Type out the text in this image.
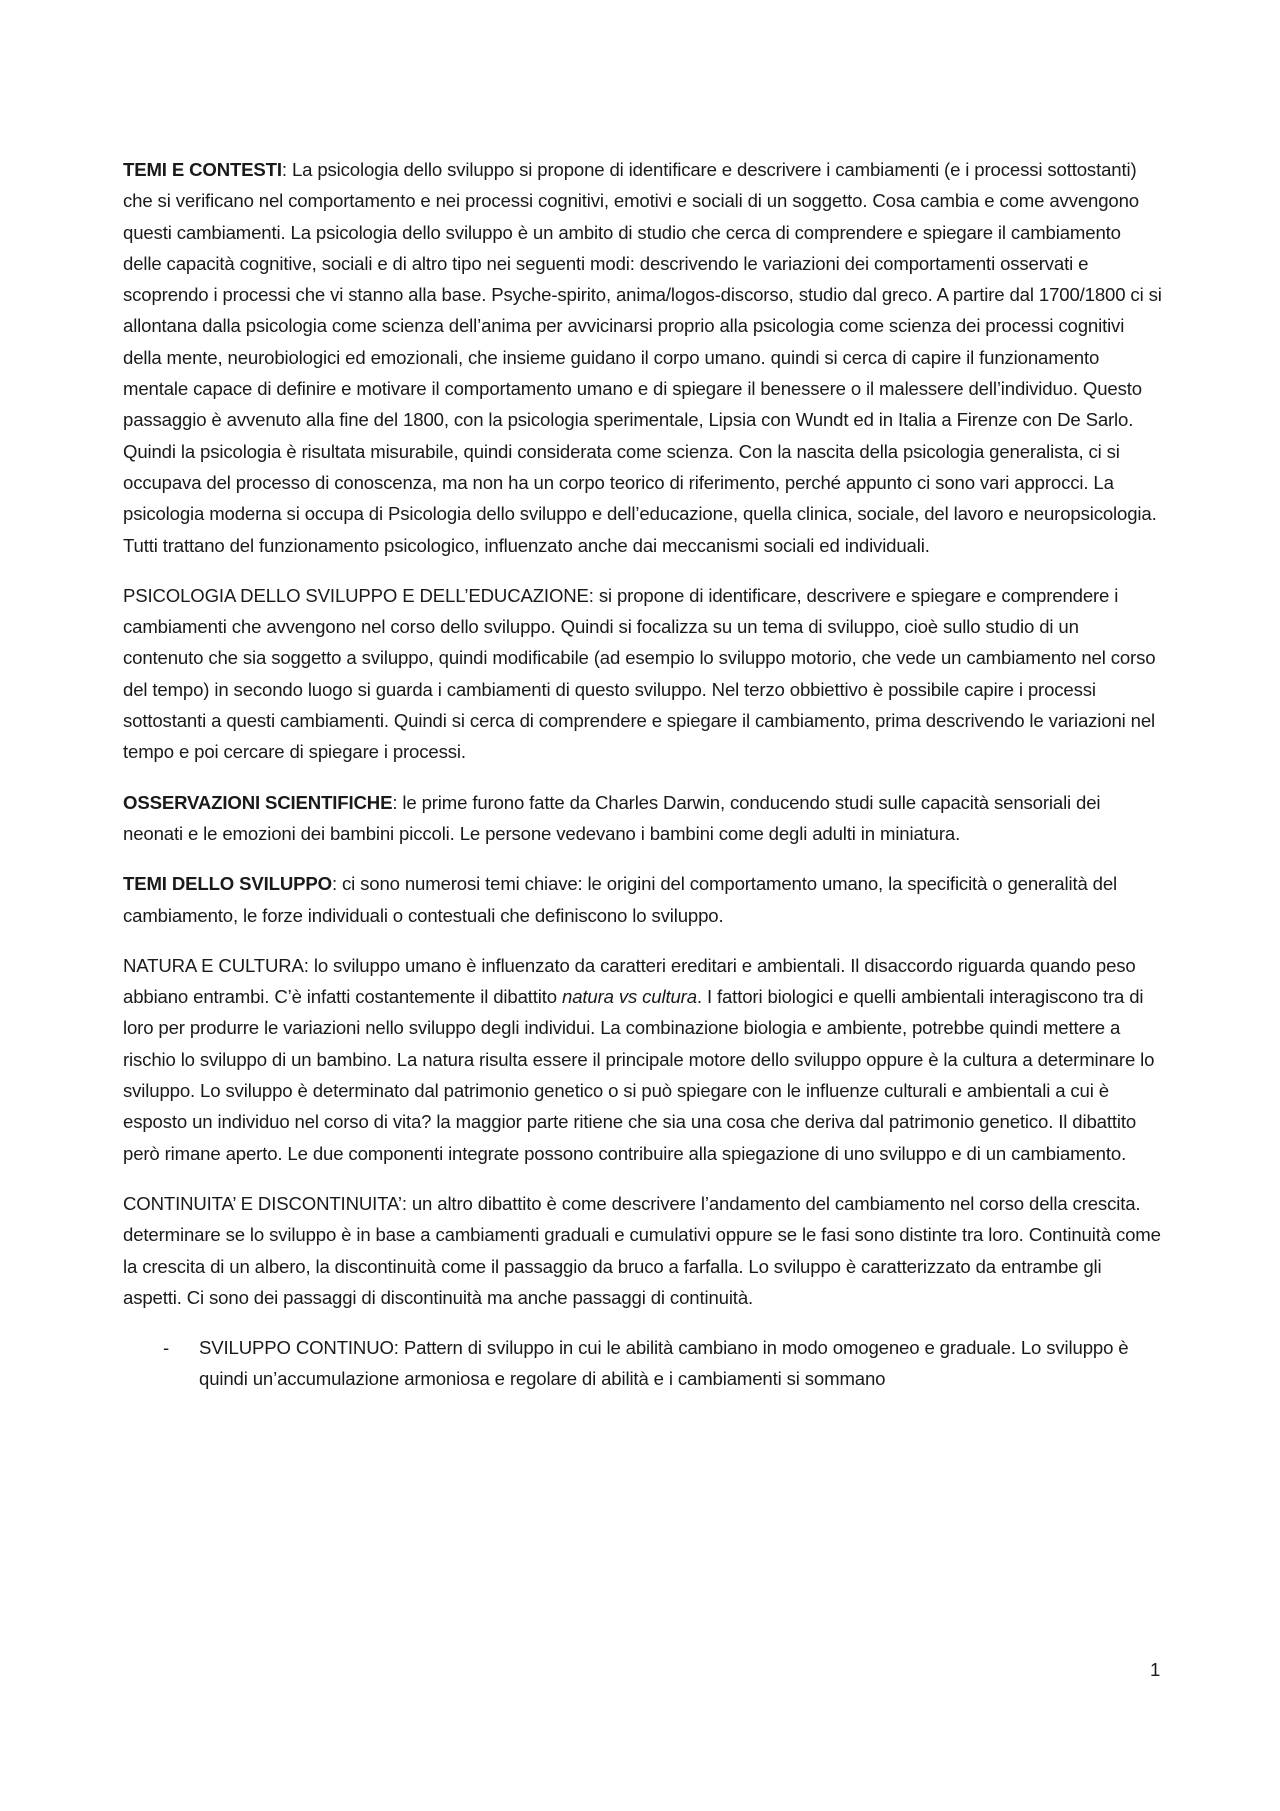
TEMI E CONTESTI: La psicologia dello sviluppo si propone di identificare e descrivere i cambiamenti (e i processi sottostanti) che si verificano nel comportamento e nei processi cognitivi, emotivi e sociali di un soggetto. Cosa cambia e come avvengono questi cambiamenti. La psicologia dello sviluppo è un ambito di studio che cerca di comprendere e spiegare il cambiamento delle capacità cognitive, sociali e di altro tipo nei seguenti modi: descrivendo le variazioni dei comportamenti osservati e scoprendo i processi che vi stanno alla base. Psyche-spirito, anima/logos-discorso, studio dal greco. A partire dal 1700/1800 ci si allontana dalla psicologia come scienza dell’anima per avvicinarsi proprio alla psicologia come scienza dei processi cognitivi della mente, neurobiologici ed emozionali, che insieme guidano il corpo umano. quindi si cerca di capire il funzionamento mentale capace di definire e motivare il comportamento umano e di spiegare il benessere o il malessere dell’individuo. Questo passaggio è avvenuto alla fine del 1800, con la psicologia sperimentale, Lipsia con Wundt ed in Italia a Firenze con De Sarlo. Quindi la psicologia è risultata misurabile, quindi considerata come scienza. Con la nascita della psicologia generalista, ci si occupava del processo di conoscenza, ma non ha un corpo teorico di riferimento, perché appunto ci sono vari approcci. La psicologia moderna si occupa di Psicologia dello sviluppo e dell’educazione, quella clinica, sociale, del lavoro e neuropsicologia. Tutti trattano del funzionamento psicologico, influenzato anche dai meccanismi sociali ed individuali.

PSICOLOGIA DELLO SVILUPPO E DELL’EDUCAZIONE: si propone di identificare, descrivere e spiegare e comprendere i cambiamenti che avvengono nel corso dello sviluppo. Quindi si focalizza su un tema di sviluppo, cioè sullo studio di un contenuto che sia soggetto a sviluppo, quindi modificabile (ad esempio lo sviluppo motorio, che vede un cambiamento nel corso del tempo) in secondo luogo si guarda i cambiamenti di questo sviluppo. Nel terzo obbiettivo è possibile capire i processi sottostanti a questi cambiamenti. Quindi si cerca di comprendere e spiegare il cambiamento, prima descrivendo le variazioni nel tempo e poi cercare di spiegare i processi.

OSSERVAZIONI SCIENTIFICHE: le prime furono fatte da Charles Darwin, conducendo studi sulle capacità sensoriali dei neonati e le emozioni dei bambini piccoli. Le persone vedevano i bambini come degli adulti in miniatura.

TEMI DELLO SVILUPPO: ci sono numerosi temi chiave: le origini del comportamento umano, la specificità o generalità del cambiamento, le forze individuali o contestuali che definiscono lo sviluppo.

NATURA E CULTURA: lo sviluppo umano è influenzato da caratteri ereditari e ambientali. Il disaccordo riguarda quando peso abbiano entrambi. C’è infatti costantemente il dibattito natura vs cultura. I fattori biologici e quelli ambientali interagiscono tra di loro per produrre le variazioni nello sviluppo degli individui. La combinazione biologia e ambiente, potrebbe quindi mettere a rischio lo sviluppo di un bambino. La natura risulta essere il principale motore dello sviluppo oppure è la cultura a determinare lo sviluppo. Lo sviluppo è determinato dal patrimonio genetico o si può spiegare con le influenze culturali e ambientali a cui è esposto un individuo nel corso di vita? la maggior parte ritiene che sia una cosa che deriva dal patrimonio genetico. Il dibattito però rimane aperto. Le due componenti integrate possono contribuire alla spiegazione di uno sviluppo e di un cambiamento.

CONTINUITA’ E DISCONTINUITA’: un altro dibattito è come descrivere l’andamento del cambiamento nel corso della crescita. determinare se lo sviluppo è in base a cambiamenti graduali e cumulativi oppure se le fasi sono distinte tra loro. Continuità come la crescita di un albero, la discontinuità come il passaggio da bruco a farfalla. Lo sviluppo è caratterizzato da entrambe gli aspetti. Ci sono dei passaggi di discontinuità ma anche passaggi di continuità.

- SVILUPPO CONTINUO: Pattern di sviluppo in cui le abilità cambiano in modo omogeneo e graduale. Lo sviluppo è quindi un’accumulazione armoniosa e regolare di abilità e i cambiamenti si sommano
1
